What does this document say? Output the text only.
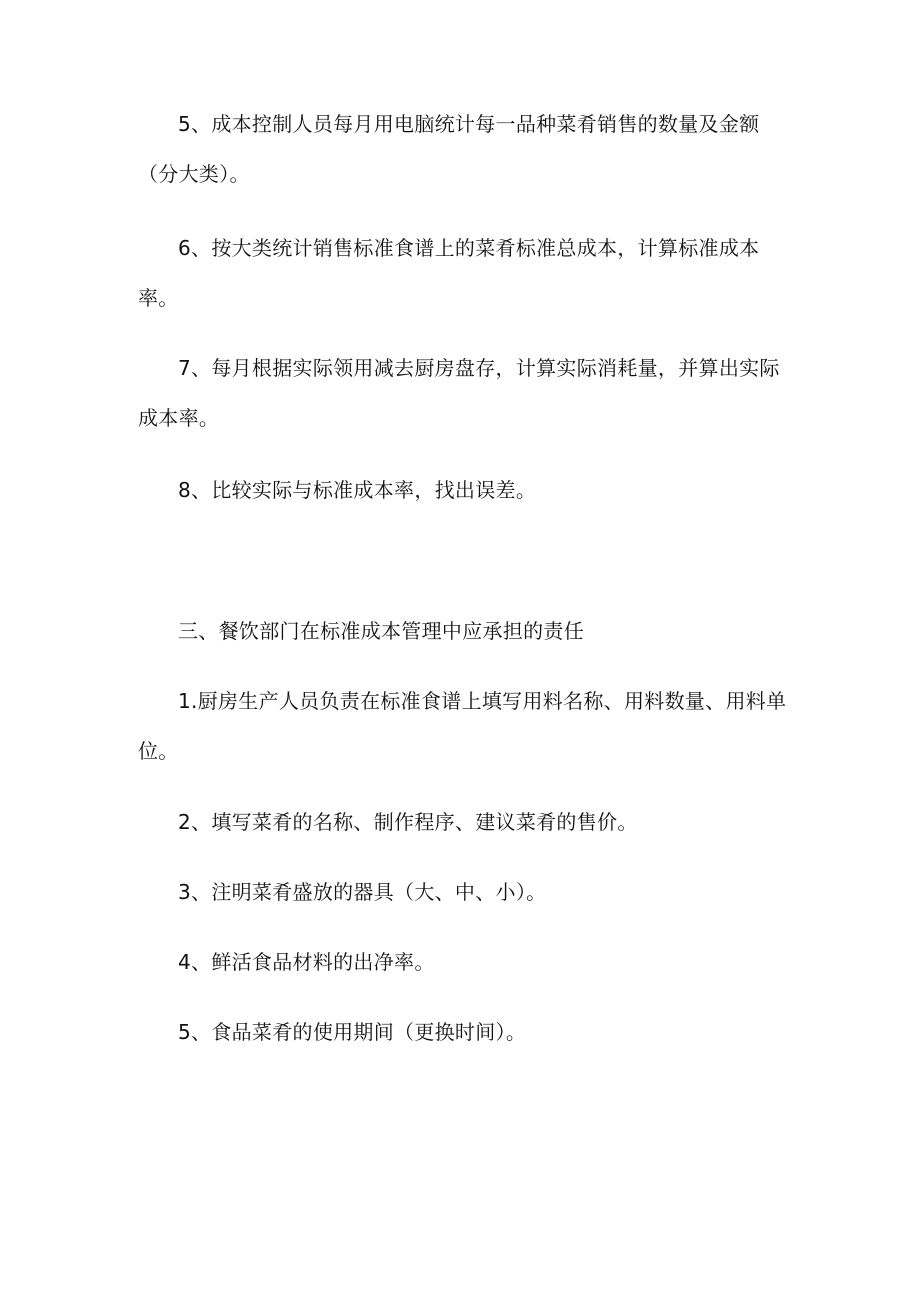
5、成本控制人员每月用电脑统计每一品种菜肴销售的数量及金额
（分大类）。
6、按大类统计销售标准食谱上的菜肴标准总成本，计算标准成本
率。
7、每月根据实际领用减去厨房盘存，计算实际消耗量，并算出实际
成本率。
8、比较实际与标准成本率，找出误差。
三、餐饮部门在标准成本管理中应承担的责任
1.厨房生产人员负责在标准食谱上填写用料名称、用料数量、用料单
位。
2、填写菜肴的名称、制作程序、建议菜肴的售价。
3、注明菜肴盛放的器具（大、中、小）。
4、鲜活食品材料的出净率。
5、食品菜肴的使用期间（更换时间）。
